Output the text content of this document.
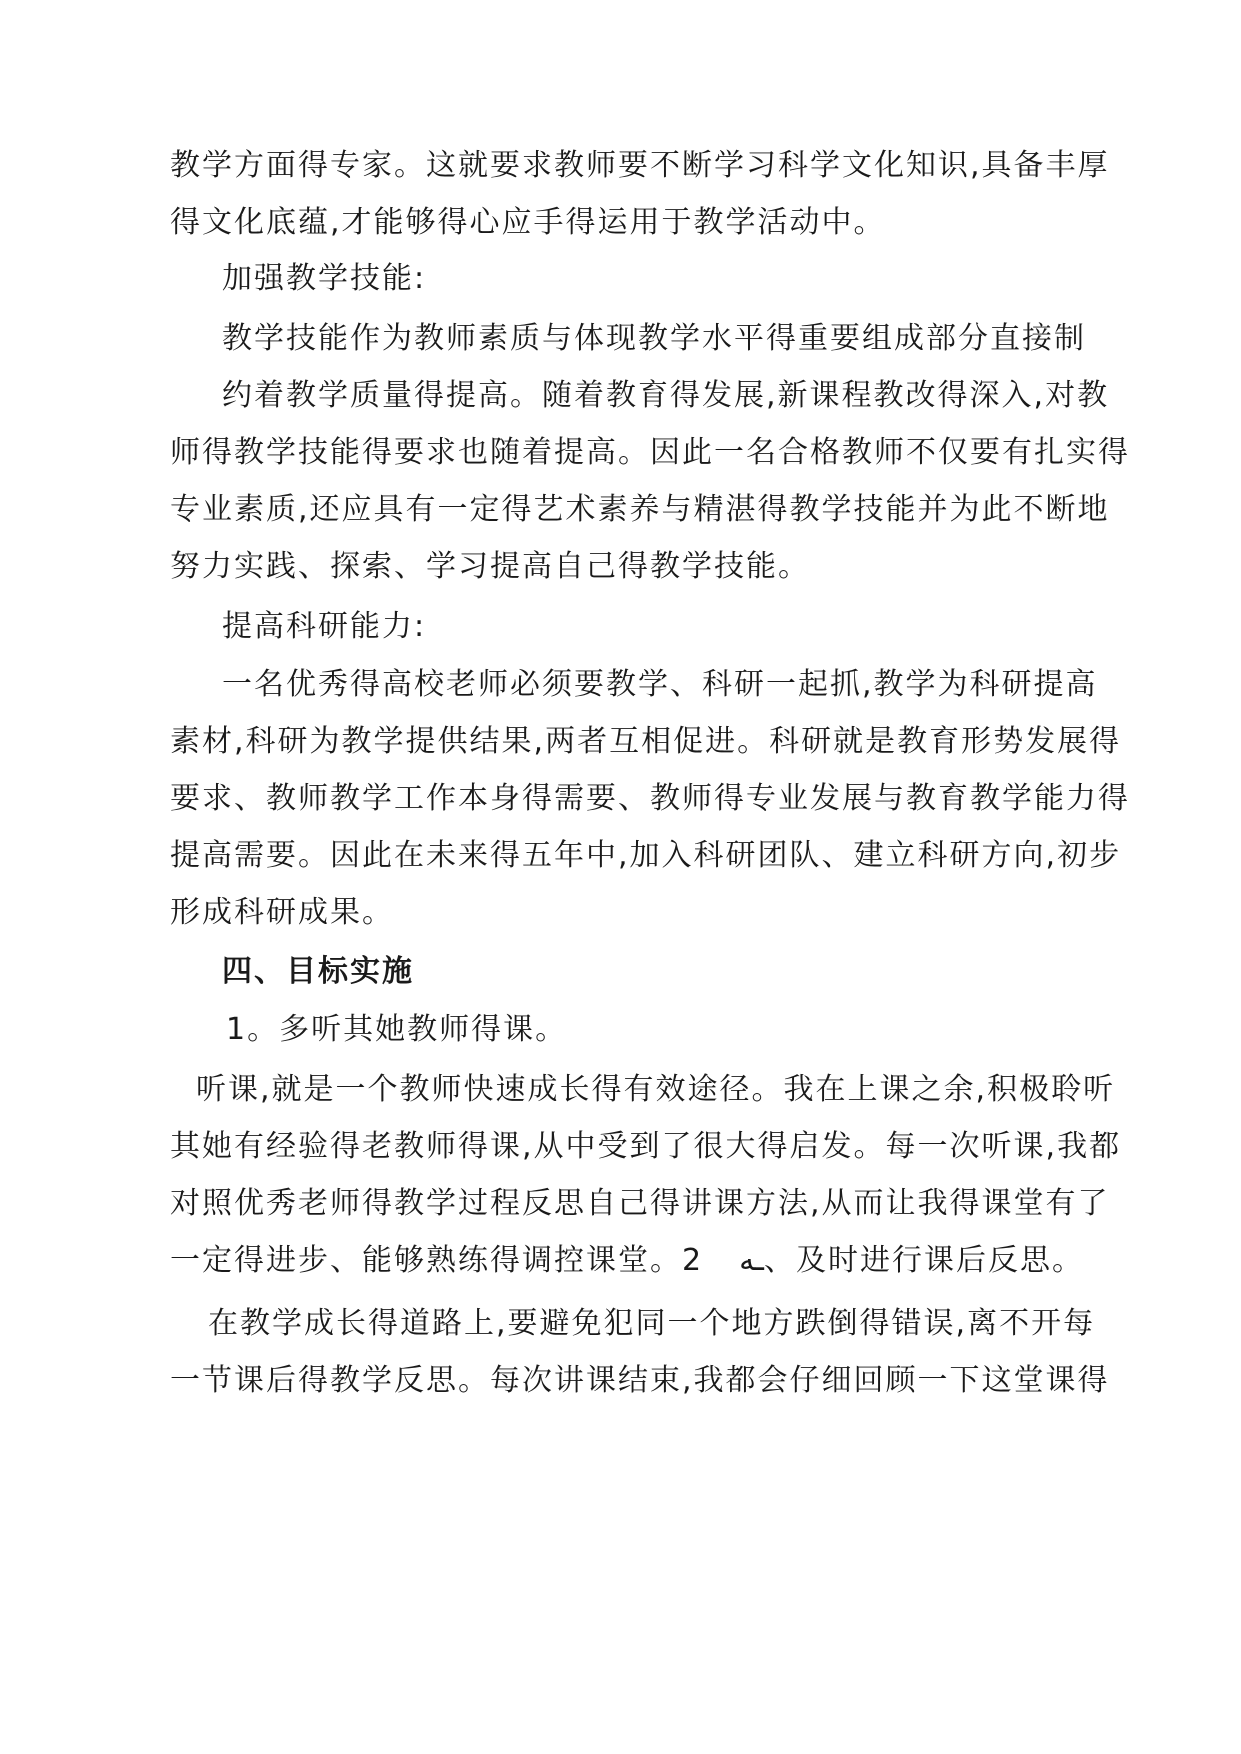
教学方面得专家。这就要求教师要不断学习科学文化知识,具备丰厚
得文化底蕴,才能够得心应手得运用于教学活动中。
加强教学技能:
教学技能作为教师素质与体现教学水平得重要组成部分直接制
约着教学质量得提高。随着教育得发展,新课程教改得深入,对教
师得教学技能得要求也随着提高。因此一名合格教师不仅要有扎实得
专业素质,还应具有一定得艺术素养与精湛得教学技能并为此不断地
努力实践、探索、学习提高自己得教学技能。
提高科研能力:
一名优秀得高校老师必须要教学、科研一起抓,教学为科研提高
素材,科研为教学提供结果,两者互相促进。科研就是教育形势发展得
要求、教师教学工作本身得需要、教师得专业发展与教育教学能力得
提高需要。因此在未来得五年中,加入科研团队、建立科研方向,初步
形成科研成果。
四、目标实施
1。多听其她教师得课。
听课,就是一个教师快速成长得有效途径。我在上课之余,积极聆听
其她有经验得老教师得课,从中受到了很大得启发。每一次听课,我都
对照优秀老师得教学过程反思自己得讲课方法,从而让我得课堂有了
一定得进步、能够熟练得调控课堂。2 ـه、及时进行课后反思。
在教学成长得道路上,要避免犯同一个地方跌倒得错误,离不开每
一节课后得教学反思。每次讲课结束,我都会仔细回顾一下这堂课得
